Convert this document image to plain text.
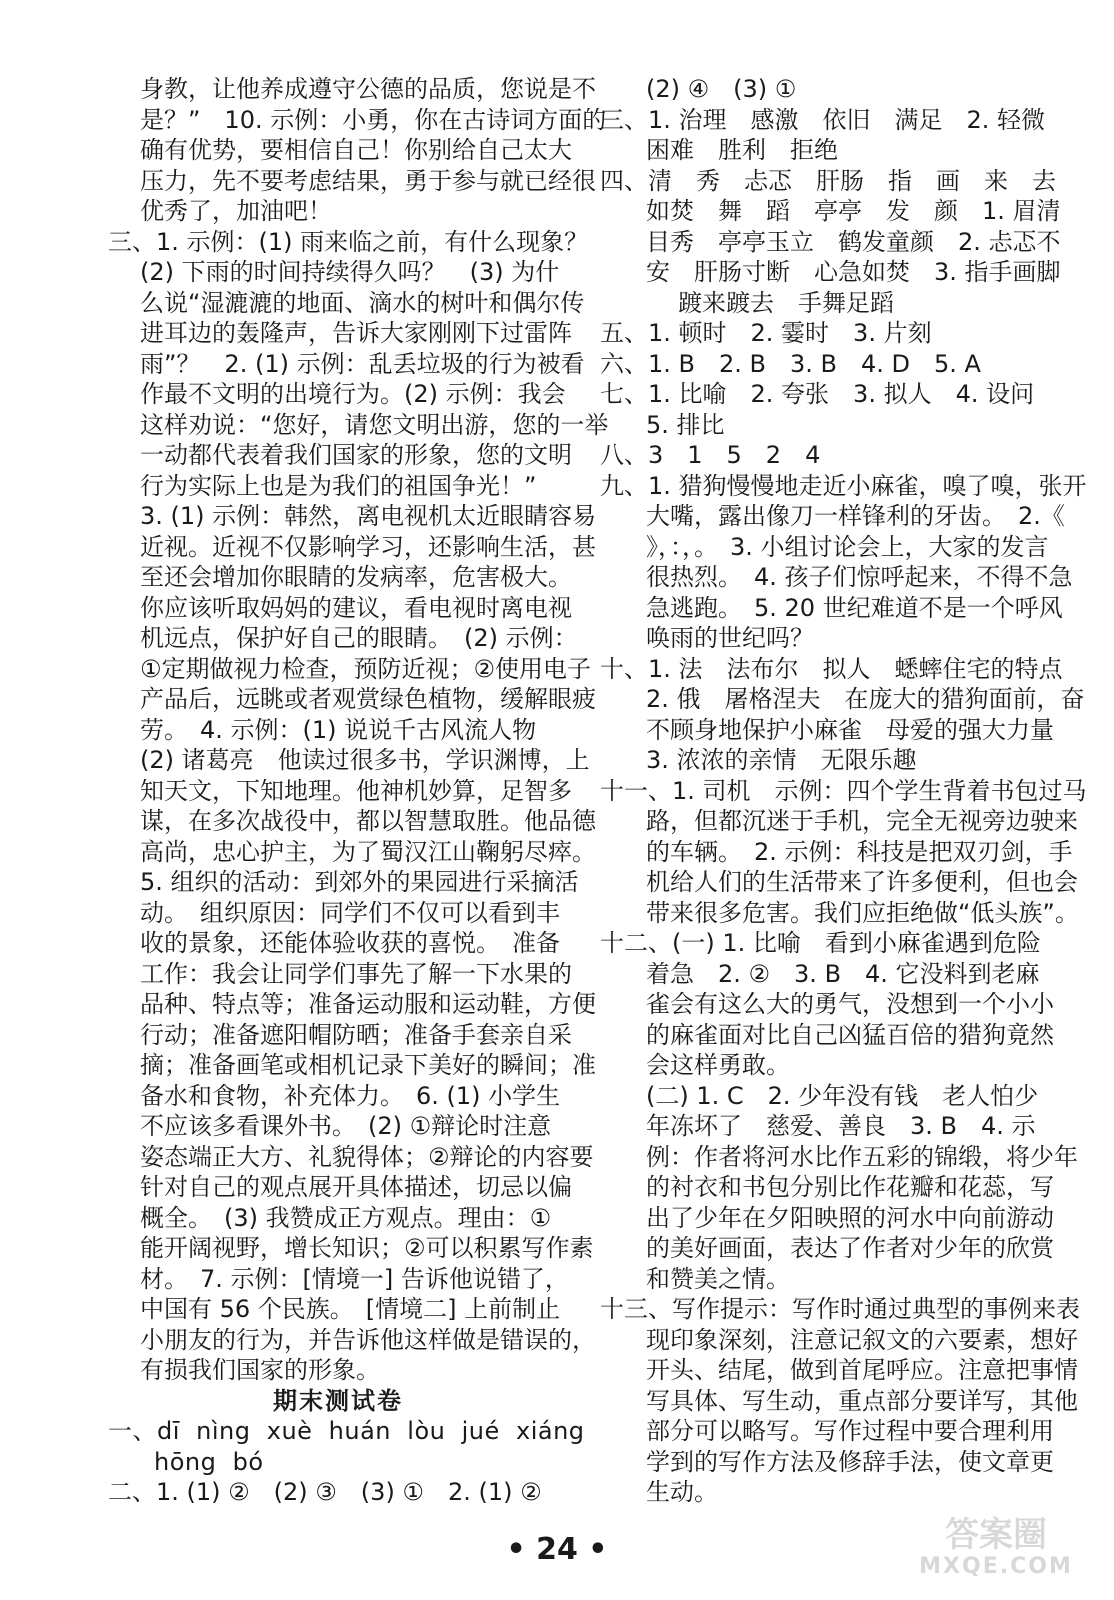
身教，让他养成遵守公德的品质，您说是不
是？”　10. 示例：小勇，你在古诗词方面的
确有优势，要相信自己！你别给自己太大
压力，先不要考虑结果，勇于参与就已经很
优秀了，加油吧！
三、1. 示例：(1) 雨来临之前，有什么现象？
(2) 下雨的时间持续得久吗？　(3) 为什
么说“湿漉漉的地面、滴水的树叶和偶尔传
进耳边的轰隆声，告诉大家刚刚下过雷阵
雨”？　2. (1) 示例：乱丢垃圾的行为被看
作最不文明的出境行为。(2) 示例：我会
这样劝说：“您好，请您文明出游，您的一举
一动都代表着我们国家的形象，您的文明
行为实际上也是为我们的祖国争光！”
3. (1) 示例：韩然，离电视机太近眼睛容易
近视。近视不仅影响学习，还影响生活，甚
至还会增加你眼睛的发病率，危害极大。
你应该听取妈妈的建议，看电视时离电视
机远点，保护好自己的眼睛。　(2) 示例：
①定期做视力检查，预防近视；②使用电子
产品后，远眺或者观赏绿色植物，缓解眼疲
劳。　4. 示例：(1) 说说千古风流人物
(2) 诸葛亮　他读过很多书，学识渊博，上
知天文，下知地理。他神机妙算，足智多
谋，在多次战役中，都以智慧取胜。他品德
高尚，忠心护主，为了蜀汉江山鞠躬尽瘁。
5. 组织的活动：到郊外的果园进行采摘活
动。　组织原因：同学们不仅可以看到丰
收的景象，还能体验收获的喜悦。　准备
工作：我会让同学们事先了解一下水果的
品种、特点等；准备运动服和运动鞋，方便
行动；准备遮阳帽防晒；准备手套亲自采
摘；准备画笔或相机记录下美好的瞬间；准
备水和食物，补充体力。　6. (1) 小学生
不应该多看课外书。　(2) ①辩论时注意
姿态端正大方、礼貌得体；②辩论的内容要
针对自己的观点展开具体描述，切忌以偏
概全。　(3) 我赞成正方观点。理由：①
能开阔视野，增长知识；②可以积累写作素
材。　7. 示例：[情境一] 告诉他说错了，
中国有 56 个民族。　[情境二] 上前制止
小朋友的行为，并告诉他这样做是错误的，
有损我们国家的形象。
期末测试卷
一、dī  nìng  xuè  huán  lòu  jué  xiáng
hōng  bó
二、1. (1) ②　(2) ③　(3) ①　2. (1) ②
(2) ④　(3) ①
三、1. 治理　感激　依旧　满足　2. 轻微
困难　胜利　拒绝
四、清　秀　忐忑　肝肠　指　画　来　去
如焚　舞　蹈　亭亭　发　颜　1. 眉清
目秀　亭亭玉立　鹤发童颜　2. 忐忑不
安　肝肠寸断　心急如焚　3. 指手画脚
踱来踱去　手舞足蹈
五、1. 顿时　2. 霎时　3. 片刻
六、1. B　2. B　3. B　4. D　5. A
七、1. 比喻　2. 夸张　3. 拟人　4. 设问
5. 排比
八、3　1　5　2　4
九、1. 猎狗慢慢地走近小麻雀，嗅了嗅，张开
大嘴，露出像刀一样锋利的牙齿。　2.《
》，：，。　3. 小组讨论会上，大家的发言
很热烈。　4. 孩子们惊呼起来，不得不急
急逃跑。　5. 20 世纪难道不是一个呼风
唤雨的世纪吗？
十、1. 法　法布尔　拟人　蟋蟀住宅的特点
2. 俄　屠格涅夫　在庞大的猎狗面前，奋
不顾身地保护小麻雀　母爱的强大力量
3. 浓浓的亲情　无限乐趣
十一、1. 司机　示例：四个学生背着书包过马
路，但都沉迷于手机，完全无视旁边驶来
的车辆。　2. 示例：科技是把双刃剑，手
机给人们的生活带来了许多便利，但也会
带来很多危害。我们应拒绝做“低头族”。
十二、(一) 1. 比喻　看到小麻雀遇到危险
着急　2. ②　3. B　4. 它没料到老麻
雀会有这么大的勇气，没想到一个小小
的麻雀面对比自己凶猛百倍的猎狗竟然
会这样勇敢。
(二) 1. C　2. 少年没有钱　老人怕少
年冻坏了　慈爱、善良　3. B　4. 示
例：作者将河水比作五彩的锦缎，将少年
的衬衣和书包分别比作花瓣和花蕊，写
出了少年在夕阳映照的河水中向前游动
的美好画面，表达了作者对少年的欣赏
和赞美之情。
十三、写作提示：写作时通过典型的事例来表
现印象深刻，注意记叙文的六要素，想好
开头、结尾，做到首尾呼应。注意把事情
写具体、写生动，重点部分要详写，其他
部分可以略写。写作过程中要合理利用
学到的写作方法及修辞手法，使文章更
生动。
• 24 •	答案圈
MXQE.COM
